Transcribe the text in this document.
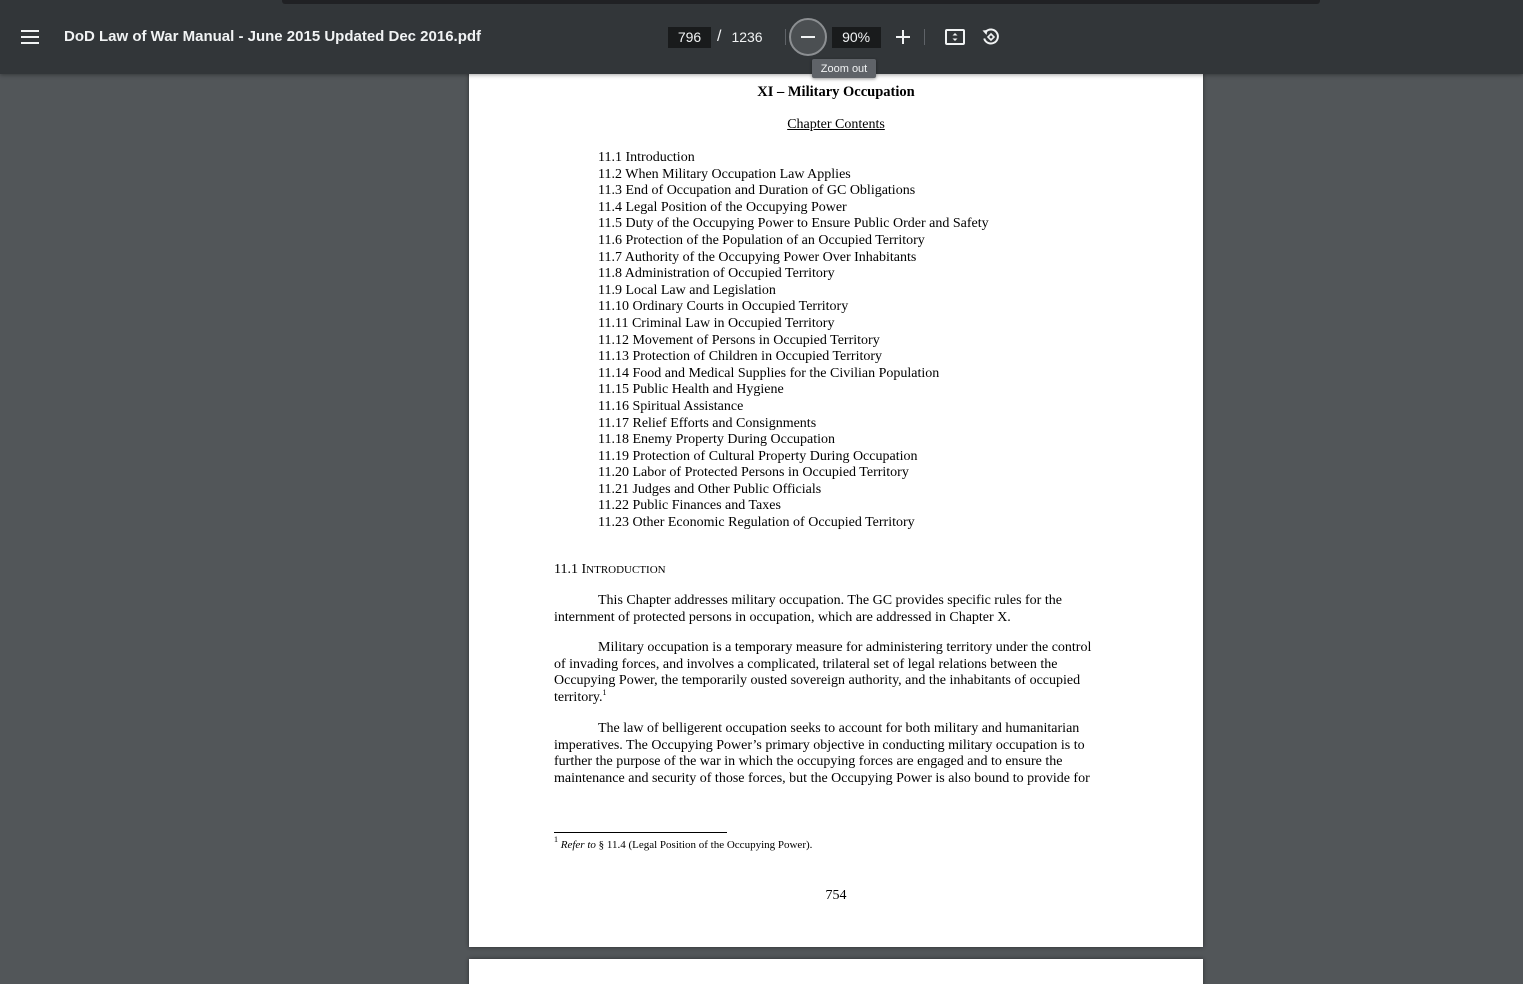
DoD Law of War Manual - June 2015 Updated Dec 2016.pdf
796	/ 1236
90%
Zoom out
XI – Military Occupation
Chapter Contents
11.1 Introduction
11.2 When Military Occupation Law Applies
11.3 End of Occupation and Duration of GC Obligations
11.4 Legal Position of the Occupying Power
11.5 Duty of the Occupying Power to Ensure Public Order and Safety
11.6 Protection of the Population of an Occupied Territory
11.7 Authority of the Occupying Power Over Inhabitants
11.8 Administration of Occupied Territory
11.9 Local Law and Legislation
11.10 Ordinary Courts in Occupied Territory
11.11 Criminal Law in Occupied Territory
11.12 Movement of Persons in Occupied Territory
11.13 Protection of Children in Occupied Territory
11.14 Food and Medical Supplies for the Civilian Population
11.15 Public Health and Hygiene
11.16 Spiritual Assistance
11.17 Relief Efforts and Consignments
11.18 Enemy Property During Occupation
11.19 Protection of Cultural Property During Occupation
11.20 Labor of Protected Persons in Occupied Territory
11.21 Judges and Other Public Officials
11.22 Public Finances and Taxes
11.23 Other Economic Regulation of Occupied Territory
11.1 INTRODUCTION
This Chapter addresses military occupation. The GC provides specific rules for the
internment of protected persons in occupation, which are addressed in Chapter X.
Military occupation is a temporary measure for administering territory under the control
of invading forces, and involves a complicated, trilateral set of legal relations between the
Occupying Power, the temporarily ousted sovereign authority, and the inhabitants of occupied
territory.$^1$
The law of belligerent occupation seeks to account for both military and humanitarian
imperatives. The Occupying Power’s primary objective in conducting military occupation is to
further the purpose of the war in which the occupying forces are engaged and to ensure the
maintenance and security of those forces, but the Occupying Power is also bound to provide for
$^1$ Refer to § 11.4 (Legal Position of the Occupying Power).
754
